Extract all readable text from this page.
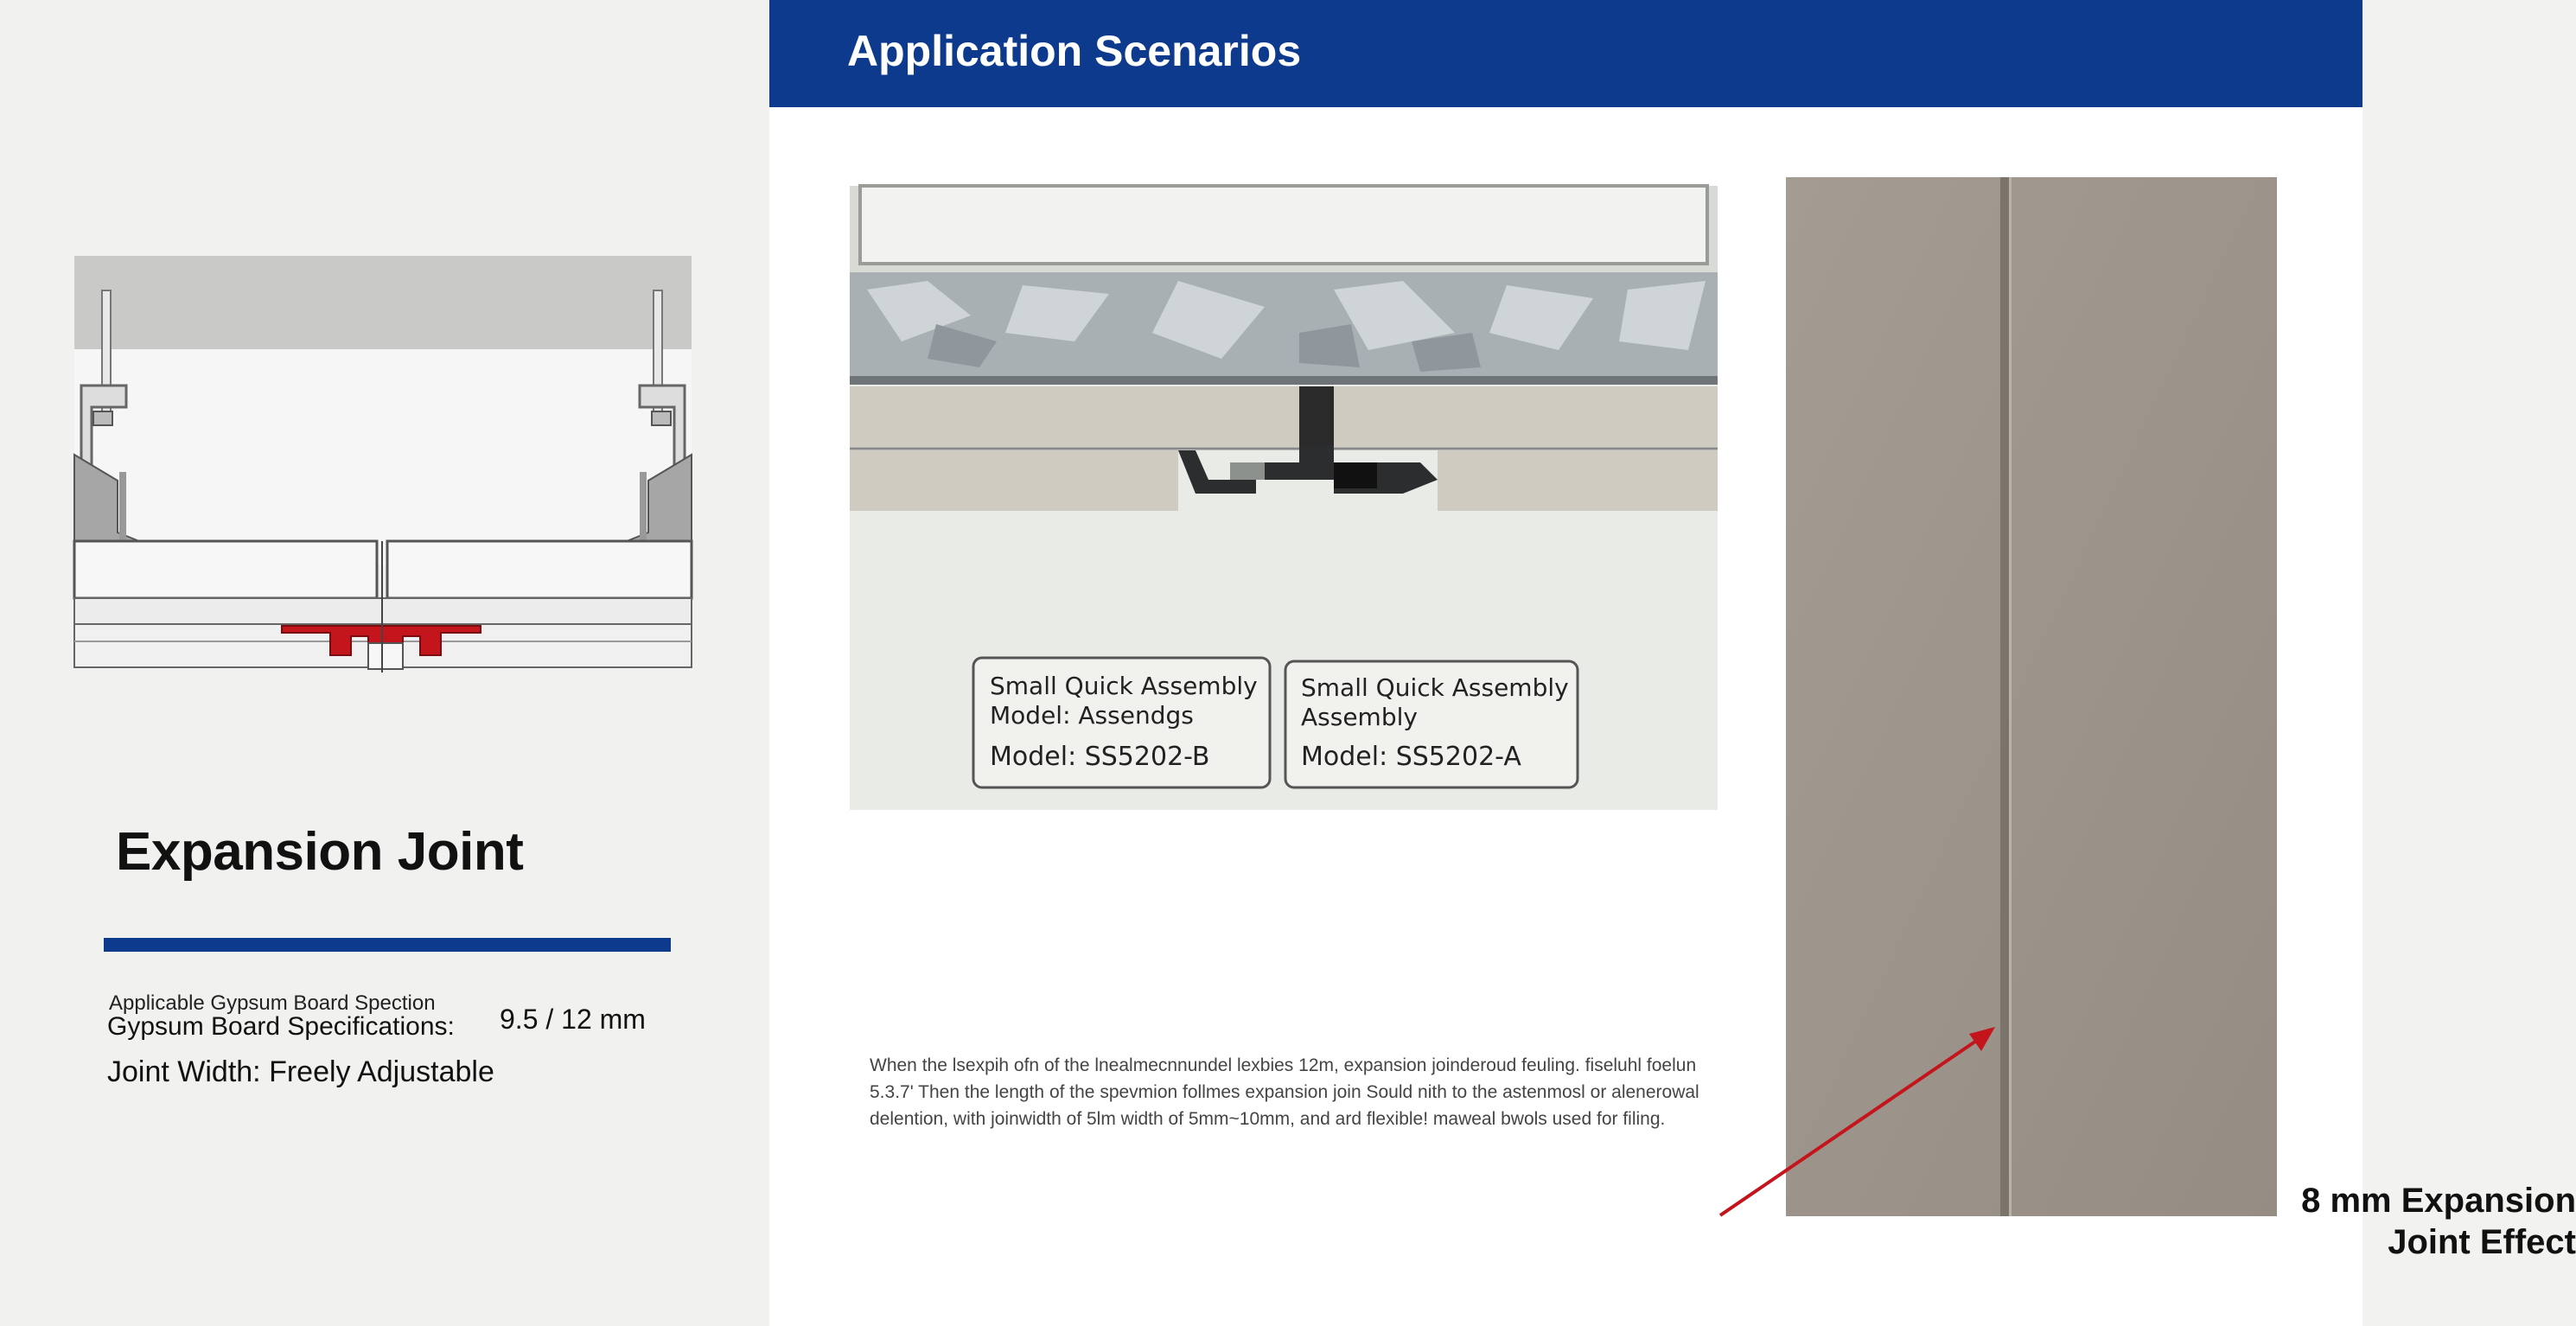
Expansion Joint
Applicable Gypsum Board Spection
Gypsum Board Specifications: 9.5 / 12 mm
Joint Width: Freely Adjustable
Application Scenarios
Small Quick Assembly
Model: Assendgs
Model: SS5202-B
Small Quick Assembly
Assembly
Model: SS5202-A
When the lsexpih ofn of the lnealmecnnundel lexbies 12m, expansion joinderoud feuling. fiseluhl foelun 5.3.7' Then the length of the spevmion follmes expansion join Sould nith to the astenmosl or alenerowal delention, with joinwidth of 5lm width of 5mm~10mm, and ard flexible! maweal bwols used for filing.
8 mm Expansion
Joint Effect
